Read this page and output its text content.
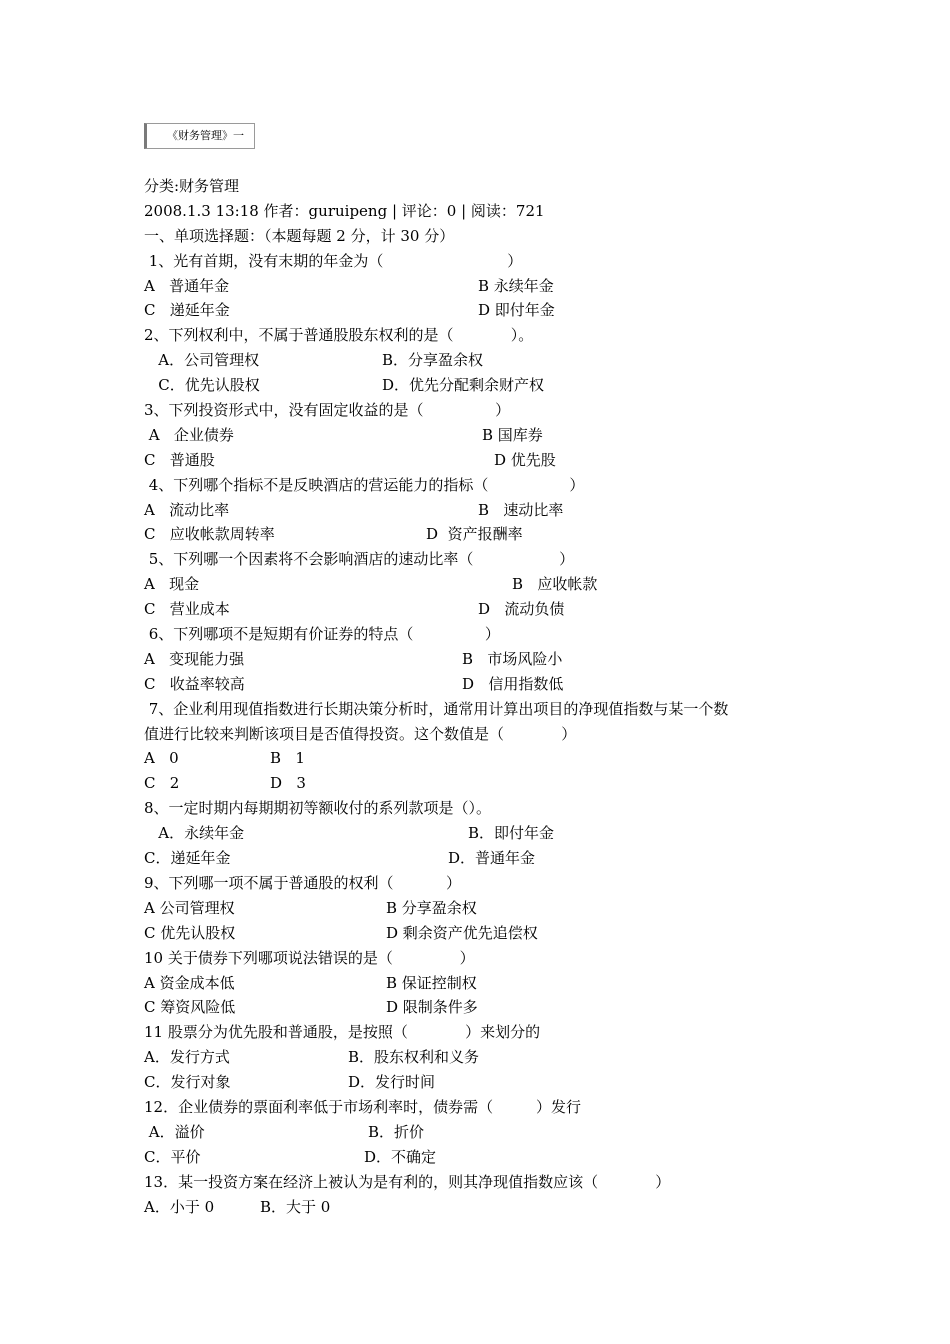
《财务管理》一
分类:财务管理
2008.1.3 13:18 作者：guruipeng | 评论：0 | 阅读：721
一、单项选择题：（本题每题 2 分，计 30 分）
1、光有首期，没有末期的年金为（                          ）
A   普通年金	B 永续年金
C   递延年金	D 即付年金
2、下列权利中，不属于普通股股东权利的是（            ）。
A．公司管理权	B．分享盈余权
C．优先认股权	D．优先分配剩余财产权
3、下列投资形式中，没有固定收益的是（               ）
A   企业债券	B 国库券
C   普通股	D 优先股
4、下列哪个指标不是反映酒店的营运能力的指标（                 ）
A   流动比率	B   速动比率
C   应收帐款周转率	D  资产报酬率
5、下列哪一个因素将不会影响酒店的速动比率（                  ）
A   现金	B   应收帐款
C   营业成本	D   流动负债
6、下列哪项不是短期有价证券的特点（               ）
A   变现能力强	B   市场风险小
C   收益率较高	D   信用指数低
7、企业利用现值指数进行长期决策分析时，通常用计算出项目的净现值指数与某一个数
值进行比较来判断该项目是否值得投资。这个数值是（            ）
A   0	B   1
C   2	D   3
8、一定时期内每期期初等额收付的系列款项是（）。
A．永续年金	B．即付年金
C．递延年金	D．普通年金
9、下列哪一项不属于普通股的权利（           ）
A 公司管理权	B 分享盈余权
C 优先认股权	D 剩余资产优先追偿权
10 关于债券下列哪项说法错误的是（              ）
A 资金成本低	B 保证控制权
C 筹资风险低	D 限制条件多
11 股票分为优先股和普通股，是按照（            ）来划分的
A．发行方式	B．股东权利和义务
C．发行对象	D．发行时间
12．企业债券的票面利率低于市场利率时，债券需（         ）发行
A．溢价	B．折价
C．平价	D．不确定
13．某一投资方案在经济上被认为是有利的，则其净现值指数应该（            ）
A．小于 0	B．大于 0
